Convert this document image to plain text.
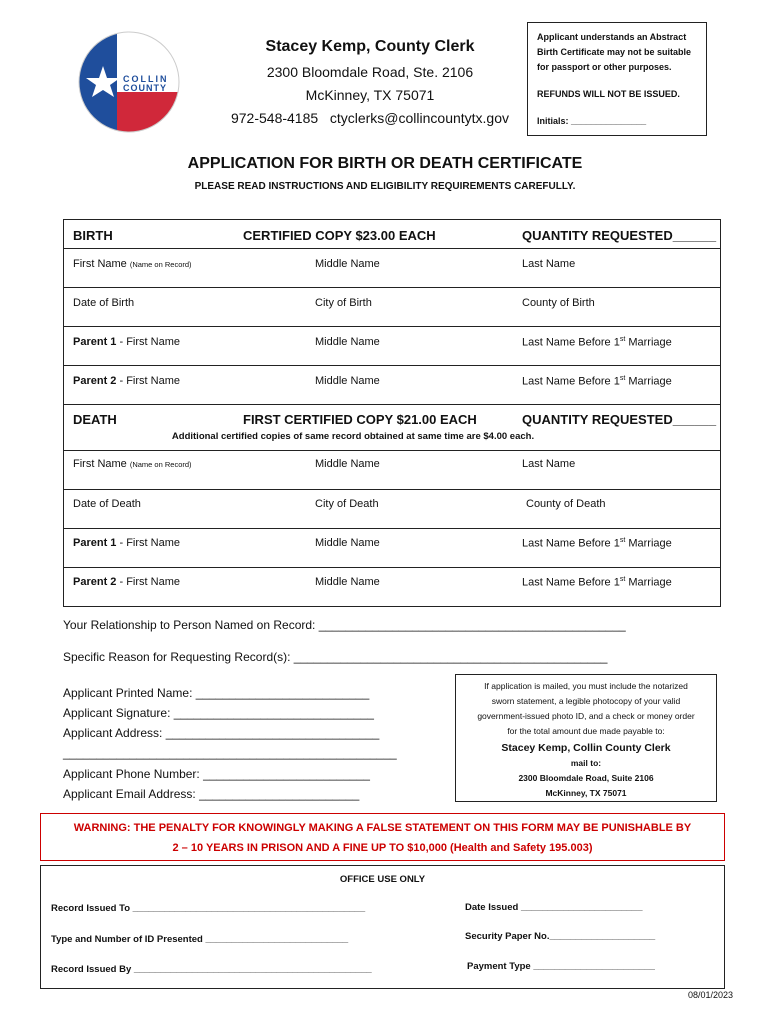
COLLIN
COUNTY
Stacey Kemp, County Clerk
2300 Bloomdale Road, Ste. 2106
McKinney, TX 75071
972-548-4185   ctyclerks@collincountytx.gov

Applicant understands an Abstract

Birth Certificate may not be suitable

for passport or other purposes.

REFUNDS WILL NOT BE ISSUED.

Initials: _______________

APPLICATION FOR BIRTH OR DEATH CERTIFICATE
PLEASE READ INSTRUCTIONS AND ELIGIBILITY REQUIREMENTS CAREFULLY.
BIRTH	CERTIFIED COPY $23.00 EACH	QUANTITY REQUESTED______
First Name (Name on Record)	Middle Name	Last Name
Date of Birth	City of Birth	County of Birth
Parent 1 - First Name	Middle Name	Last Name Before 1st Marriage
Parent 2 - First Name	Middle Name	Last Name Before 1st Marriage
DEATH	FIRST CERTIFIED COPY $21.00 EACH	QUANTITY REQUESTED______
Additional certified copies of same record obtained at same time are $4.00 each.
First Name (Name on Record)	Middle Name	Last Name
Date of Death	City of Death	County of Death
Parent 1 - First Name	Middle Name	Last Name Before 1st Marriage
Parent 2 - First Name	Middle Name	Last Name Before 1st Marriage
Your Relationship to Person Named on Record: ______________________________________________
Specific Reason for Requesting Record(s): _______________________________________________
Applicant Printed Name: __________________________
Applicant Signature: ______________________________
Applicant Address: ________________________________
__________________________________________________
Applicant Phone Number: _________________________
Applicant Email Address: ________________________
If application is mailed, you must include the notarized
sworn statement, a legible photocopy of your valid
government-issued photo ID, and a check or money order
for the total amount due made payable to:
Stacey Kemp, Collin County Clerk
mail to:
2300 Bloomdale Road, Suite 2106
McKinney, TX 75071
WARNING: THE PENALTY FOR KNOWINGLY MAKING A FALSE STATEMENT ON THIS FORM MAY BE PUNISHABLE BY
2 – 10 YEARS IN PRISON AND A FINE UP TO $10,000 (Health and Safety 195.003)
OFFICE USE ONLY
Record Issued To ____________________________________________
Type and Number of ID Presented ___________________________
Record Issued By _____________________________________________
Date Issued _______________________
Security Paper No.____________________
Payment Type _______________________
08/01/2023
